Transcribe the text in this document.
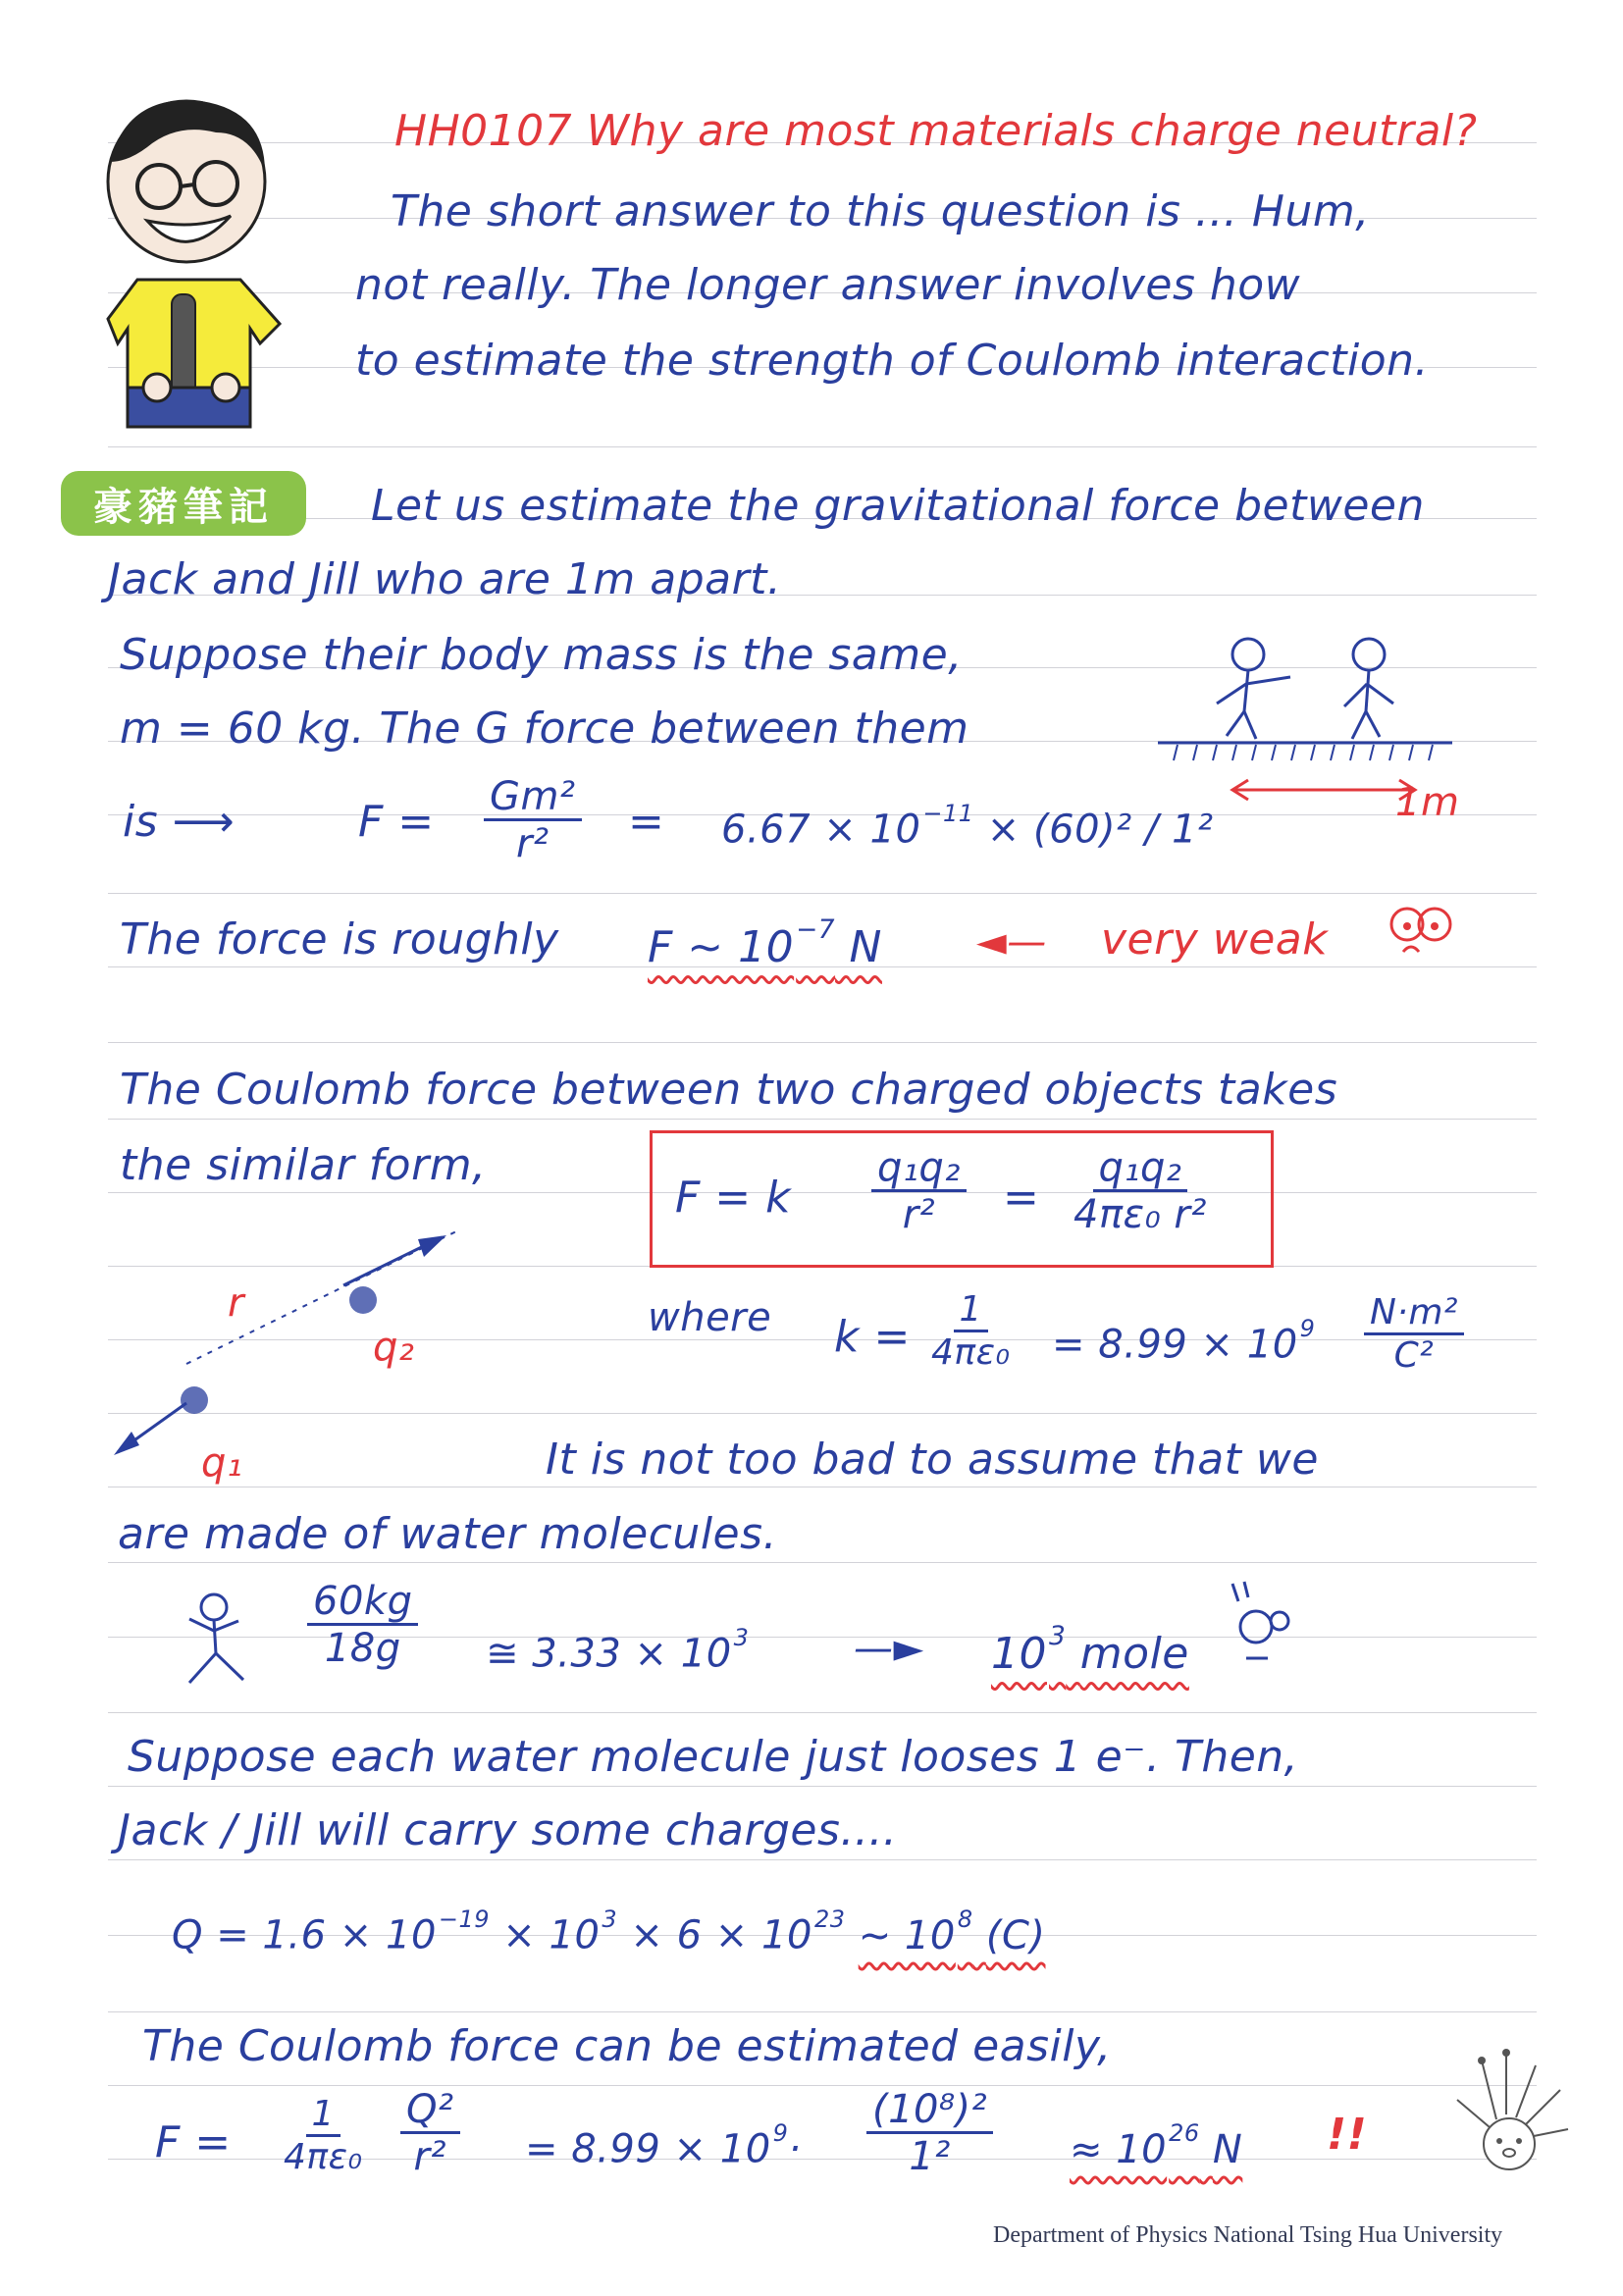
豪豬筆記
HH0107 Why are most materials charge neutral?
The short answer to this question is ... Hum,
not really. The longer answer involves how
to estimate the strength of Coulomb interaction.
Let us estimate the gravitational force between
Jack and Jill who are 1m apart.
Suppose their body mass is the same,
m = 60 kg. The G force between them
1m
is ⟶	$F = \frac{\text{Gm²}}{\text{r²}} = 6.67 \times 10^{-11} \times (60)^2 / 1^2$
The force is roughly F ~ $10^{-7}$ N ◄— very weak
The Coulomb force between two charged objects takes
the similar form,
F = k $\frac{\text{q₁q₂}}{\text{r²}} = \frac{\text{q₁q₂}}{\text{4πε₀ r²}}$
r
q₂
q₁
where $k = \frac{1}{\text{4πε₀}} = 8.99 \times 10^9 \frac{\text{N·m²}}{\text{C²}}$
It is not too bad to assume that we
are made of water molecules.
$\frac{60kg}{18g}$ ≅ $3.33 \times 10^3$	—► $10^3$ mole
Suppose each water molecule just looses 1 e⁻. Then,
Jack / Jill will carry some charges....
$Q = 1.6 \times 10^{-19} \times 10^3 \times 6 \times 10^{23}$ ~ $10^8$ (C)
The Coulomb force can be estimated easily,
$F = \frac{1}{\text{4πε₀}} \frac{\text{Q²}}{\text{r²}} = 8.99 \times 10^9\cdot \frac{\text{(10⁸)²}}{\text{1²}} \approx 10^{26}$ N !!
Department of Physics National Tsing Hua University
